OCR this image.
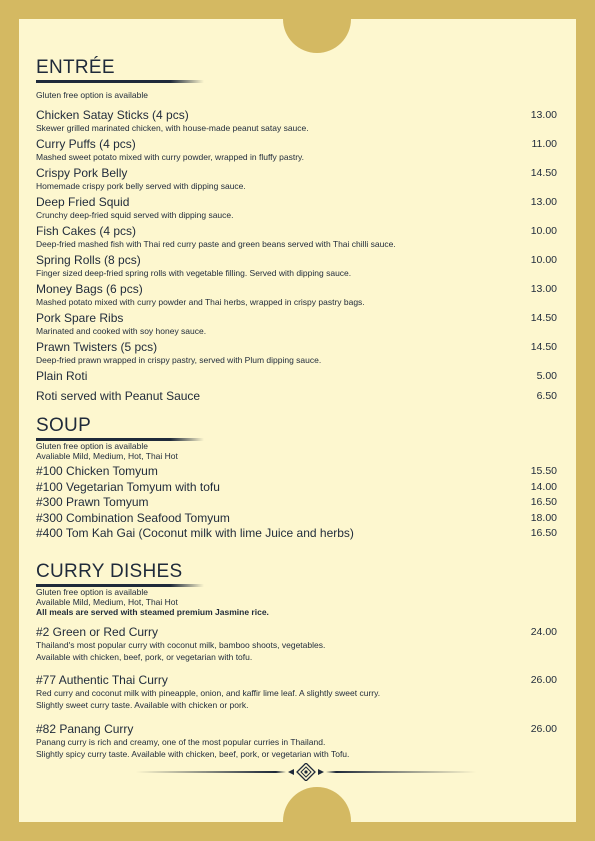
ENTRÉE
Gluten free option is available
Chicken Satay Sticks (4 pcs)	13.00
Skewer grilled marinated chicken, with house-made peanut satay sauce.
Curry Puffs (4 pcs)	11.00
Mashed sweet potato mixed with curry powder, wrapped in fluffy pastry.
Crispy Pork Belly	14.50
Homemade crispy pork belly served with dipping sauce.
Deep Fried Squid	13.00
Crunchy deep-fried squid served with dipping sauce.
Fish Cakes (4 pcs)	10.00
Deep-fried mashed fish with Thai red curry paste and green beans served with Thai chilli sauce.
Spring Rolls (8 pcs)	10.00
Finger sized deep-fried spring rolls with vegetable filling. Served with dipping sauce.
Money Bags (6 pcs)	13.00
Mashed potato mixed with curry powder and Thai herbs, wrapped in crispy pastry bags.
Pork Spare Ribs	14.50
Marinated and cooked with soy honey sauce.
Prawn Twisters (5 pcs)	14.50
Deep-fried prawn wrapped in crispy pastry, served with Plum dipping sauce.
Plain Roti	5.00
Roti served with Peanut Sauce	6.50
SOUP
Gluten free option is available
Avaliable Mild, Medium, Hot, Thai Hot
#100 Chicken Tomyum	15.50
#100 Vegetarian Tomyum with tofu	14.00
#300 Prawn Tomyum	16.50
#300 Combination Seafood Tomyum	18.00
#400 Tom Kah Gai (Coconut milk with lime Juice and herbs)	16.50
CURRY DISHES
Gluten free option is available
Available Mild, Medium, Hot, Thai Hot
All meals are served with steamed premium Jasmine rice.
#2 Green or Red Curry	24.00
Thailand's most popular curry with coconut milk, bamboo shoots, vegetables.
Available with chicken, beef, pork, or vegetarian with tofu.
#77 Authentic Thai Curry	26.00
Red curry and coconut milk with pineapple, onion, and kaffir lime leaf. A slightly sweet curry.
Slightly sweet curry taste. Available with chicken or pork.
#82 Panang Curry	26.00
Panang curry is rich and creamy, one of the most popular curries in Thailand.
Slightly spicy curry taste. Available with chicken, beef, pork, or vegetarian with Tofu.
